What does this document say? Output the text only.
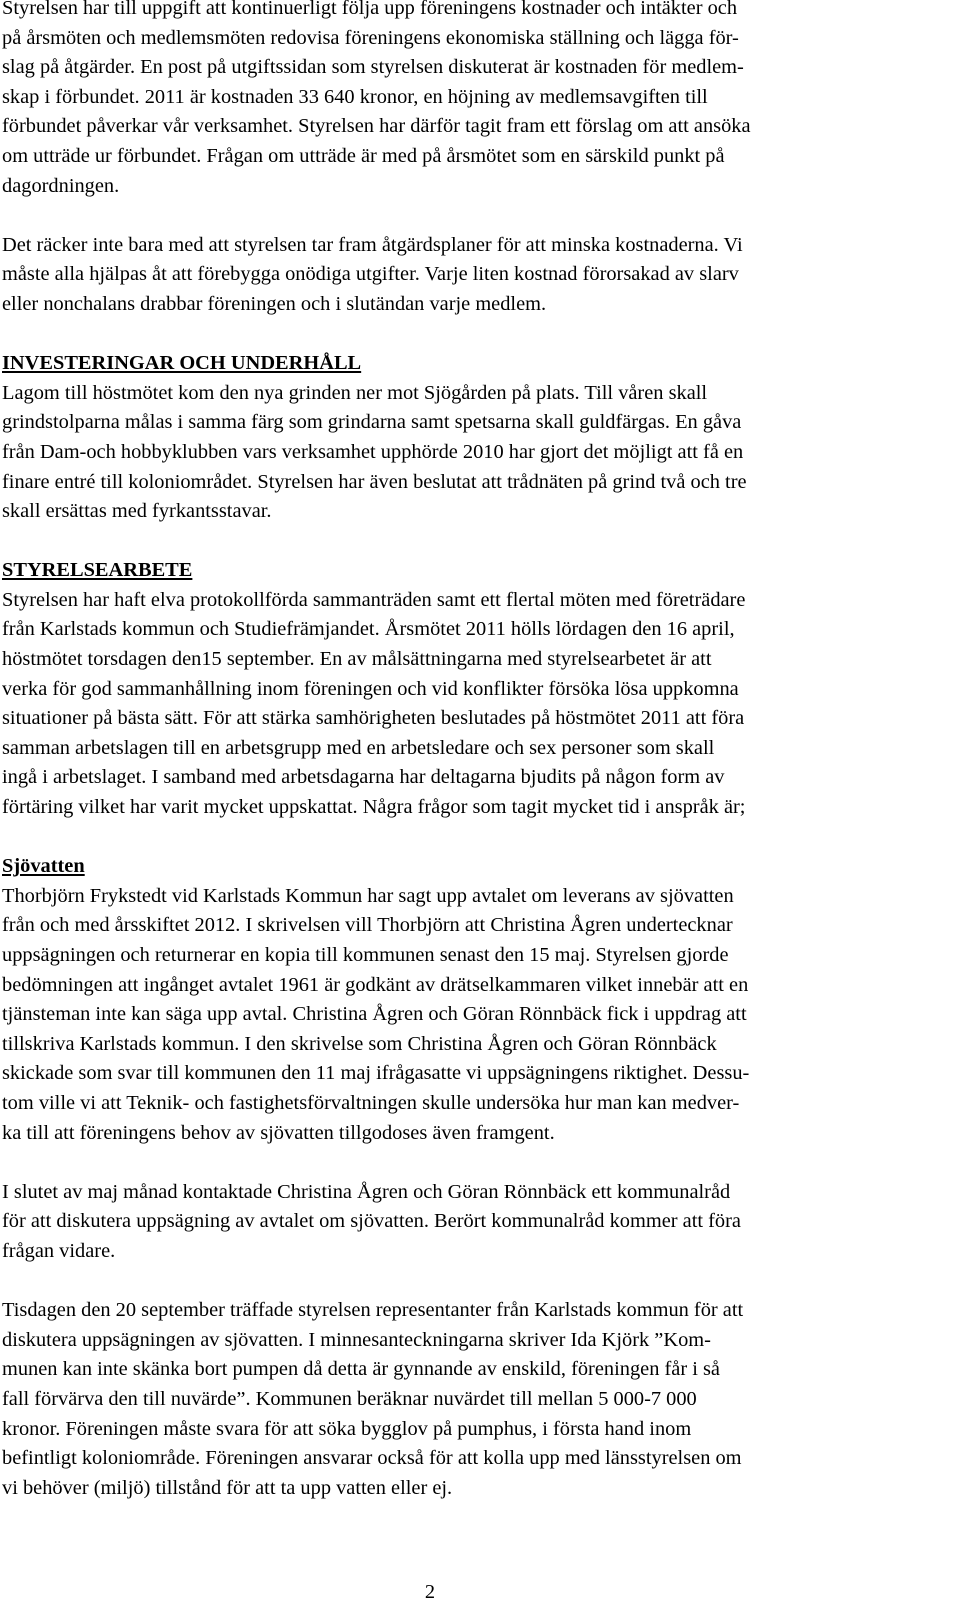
Styrelsen har till uppgift att kontinuerligt följa upp föreningens kostnader och intäkter och
på årsmöten och medlemsmöten redovisa föreningens ekonomiska ställning och lägga för-
slag på åtgärder. En post på utgiftssidan som styrelsen diskuterat är kostnaden för medlem-
skap i förbundet. 2011 är kostnaden 33 640 kronor, en höjning av medlemsavgiften till
förbundet påverkar vår verksamhet. Styrelsen har därför tagit fram ett förslag om att ansöka
om utträde ur förbundet. Frågan om utträde är med på årsmötet som en särskild punkt på
dagordningen.

Det räcker inte bara med att styrelsen tar fram åtgärdsplaner för att minska kostnaderna. Vi
måste alla hjälpas åt att förebygga onödiga utgifter. Varje liten kostnad förorsakad av slarv
eller nonchalans drabbar föreningen och i slutändan varje medlem.

INVESTERINGAR OCH UNDERHÅLL

Lagom till höstmötet kom den nya grinden ner mot Sjögården på plats. Till våren skall
grindstolparna målas i samma färg som grindarna samt spetsarna skall guldfärgas. En gåva
från Dam-och hobbyklubben vars verksamhet upphörde 2010 har gjort det möjligt att få en
finare entré till koloniområdet. Styrelsen har även beslutat att trådnäten på grind två och tre
skall ersättas med fyrkantsstavar.

STYRELSEARBETE

Styrelsen har haft elva protokollförda sammanträden samt ett flertal möten med företrädare
från Karlstads kommun och Studiefrämjandet. Årsmötet 2011 hölls lördagen den 16 april,
höstmötet torsdagen den15 september. En av målsättningarna med styrelsearbetet är att
verka för god sammanhållning inom föreningen och vid konflikter försöka lösa uppkomna
situationer på bästa sätt. För att stärka samhörigheten beslutades på höstmötet 2011 att föra
samman arbetslagen till en arbetsgrupp med en arbetsledare och sex personer som skall
ingå i arbetslaget. I samband med arbetsdagarna har deltagarna bjudits på någon form av
förtäring vilket har varit mycket uppskattat. Några frågor som tagit mycket tid i anspråk är;

Sjövatten

Thorbjörn Frykstedt vid Karlstads Kommun har sagt upp avtalet om leverans av sjövatten
från och med årsskiftet 2012. I skrivelsen vill Thorbjörn att Christina Ågren undertecknar
uppsägningen och returnerar en kopia till kommunen senast den 15 maj. Styrelsen gjorde
bedömningen att ingånget avtalet 1961 är godkänt av drätselkammaren vilket innebär att en
tjänsteman inte kan säga upp avtal. Christina Ågren och Göran Rönnbäck fick i uppdrag att
tillskriva Karlstads kommun. I den skrivelse som Christina Ågren och Göran Rönnbäck
skickade som svar till kommunen den 11 maj ifrågasatte vi uppsägningens riktighet. Dessu-
tom ville vi att Teknik- och fastighetsförvaltningen skulle undersöka hur man kan medver-
ka till att föreningens behov av sjövatten tillgodoses även framgent.

I slutet av maj månad kontaktade Christina Ågren och Göran Rönnbäck ett kommunalråd
för att diskutera uppsägning av avtalet om sjövatten. Berört kommunalråd kommer att föra
frågan vidare.

Tisdagen den 20 september träffade styrelsen representanter från Karlstads kommun för att
diskutera uppsägningen av sjövatten. I minnesanteckningarna skriver Ida Kjörk ”Kom-
munen kan inte skänka bort pumpen då detta är gynnande av enskild, föreningen får i så
fall förvärva den till nuvärde”. Kommunen beräknar nuvärdet till mellan 5 000-7 000
kronor. Föreningen måste svara för att söka bygglov på pumphus, i första hand inom
befintligt koloniområde. Föreningen ansvarar också för att kolla upp med länsstyrelsen om
vi behöver (miljö) tillstånd för att ta upp vatten eller ej.

2
